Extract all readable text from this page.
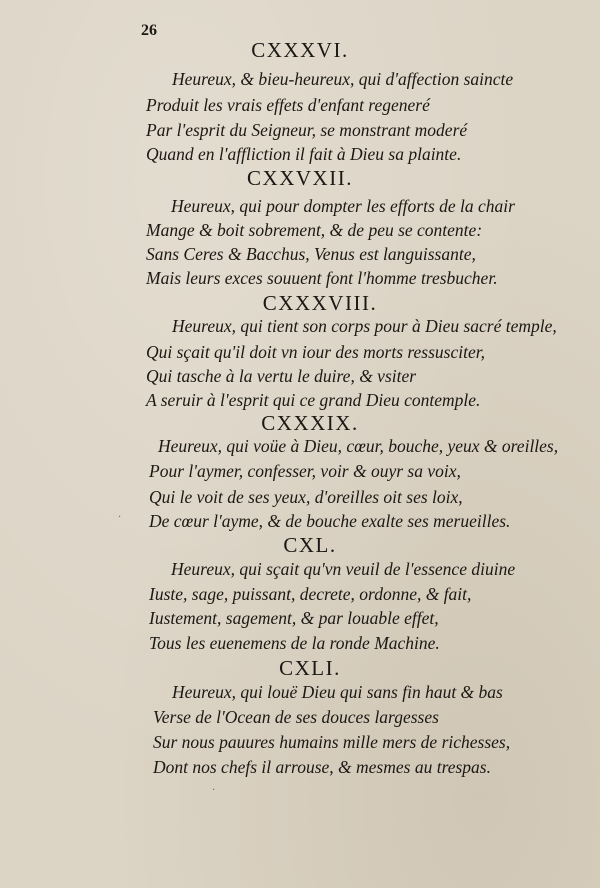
26
CXXXVI.
Heureux, & bieu-heureux, qui d'affection saincte
Produit les vrais effets d'enfant regeneré
Par l'esprit du Seigneur, se monstrant moderé
Quand en l'affliction il fait à Dieu sa plainte.
CXXVXII.
Heureux, qui pour dompter les efforts de la chair
Mange & boit sobrement, & de peu se contente:
Sans Ceres & Bacchus, Venus est languissante,
Mais leurs exces souuent font l'homme tresbucher.
CXXXVIII.
Heureux, qui tient son corps pour à Dieu sacré temple,
Qui sçait qu'il doit vn iour des morts ressusciter,
Qui tasche à la vertu le duire, & vsiter
A seruir à l'esprit qui ce grand Dieu contemple.
CXXXIX.
Heureux, qui voüe à Dieu, cœur, bouche, yeux & oreilles,
Pour l'aymer, confesser, voir & ouyr sa voix,
Qui le voit de ses yeux, d'oreilles oit ses loix,
De cœur l'ayme, & de bouche exalte ses merueilles.
CXL.
Heureux, qui sçait qu'vn veuil de l'essence diuine
Iuste, sage, puissant, decrete, ordonne, & fait,
Iustement, sagement, & par louable effet,
Tous les euenemens de la ronde Machine.
CXLI.
Heureux, qui louë Dieu qui sans fin haut & bas
Verse de l'Ocean de ses douces largesses
Sur nous pauures humains mille mers de richesses,
Dont nos chefs il arrouse, & mesmes au trespas.
·
·
